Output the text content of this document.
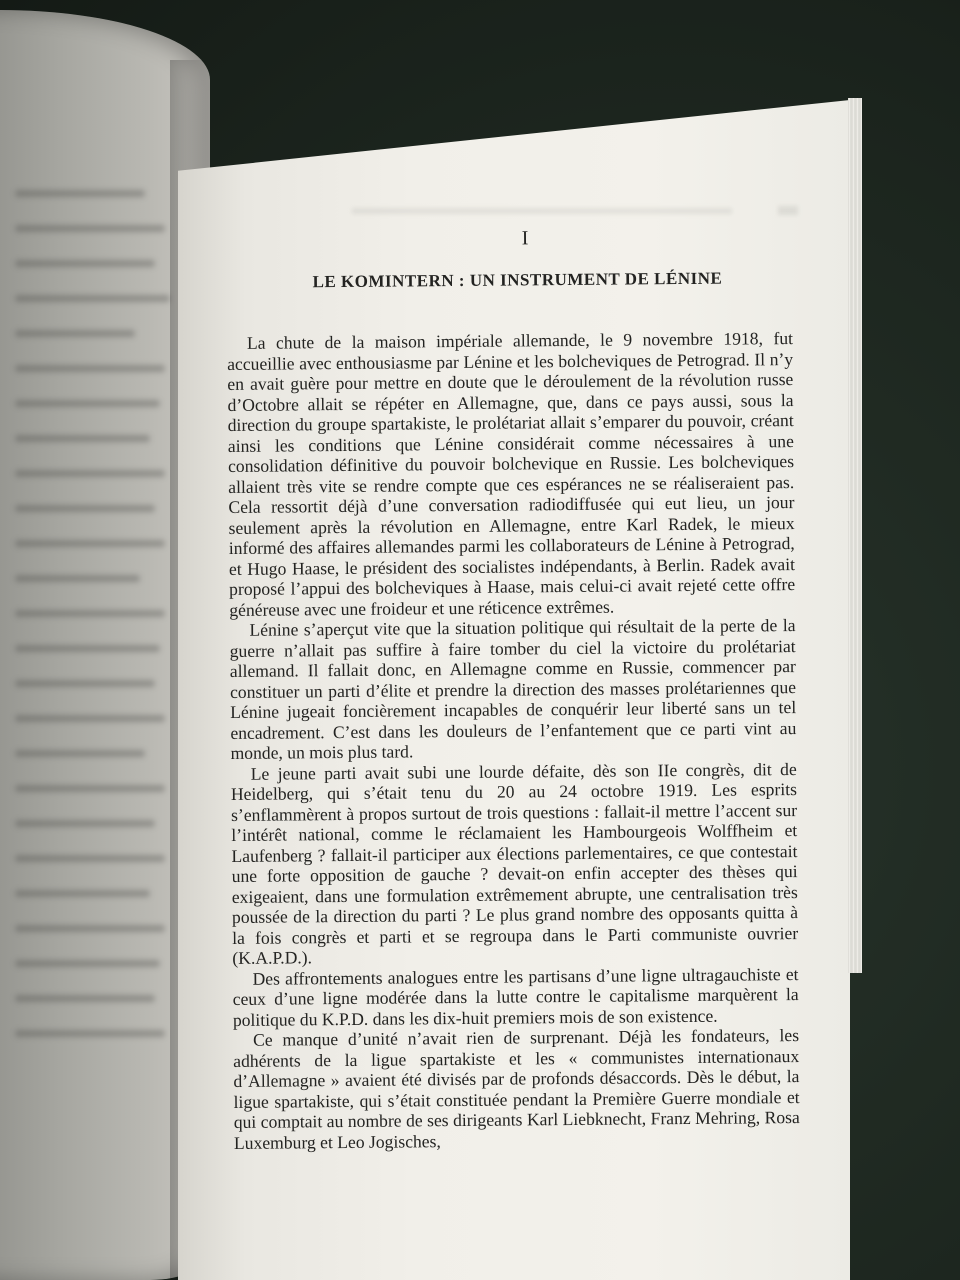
I
LE KOMINTERN : UN INSTRUMENT DE LÉNINE

La chute de la maison impériale allemande, le 9 novembre 1918, fut accueillie avec enthousiasme par Lénine et les bolcheviques de Petrograd. Il n’y en avait guère pour mettre en doute que le déroulement de la révolution russe d’Octobre allait se répéter en Allemagne, que, dans ce pays aussi, sous la direction du groupe spartakiste, le prolétariat allait s’emparer du pouvoir, créant ainsi les conditions que Lénine considérait comme nécessaires à une consolidation définitive du pouvoir bolchevique en Russie. Les bolcheviques allaient très vite se rendre compte que ces espérances ne se réaliseraient pas. Cela ressortit déjà d’une conversation radiodiffusée qui eut lieu, un jour seulement après la révolution en Allemagne, entre Karl Radek, le mieux informé des affaires allemandes parmi les collaborateurs de Lénine à Petrograd, et Hugo Haase, le président des socialistes indépendants, à Berlin. Radek avait proposé l’appui des bolcheviques à Haase, mais celui-ci avait rejeté cette offre généreuse avec une froideur et une réticence extrêmes.

Lénine s’aperçut vite que la situation politique qui résultait de la perte de la guerre n’allait pas suffire à faire tomber du ciel la victoire du prolétariat allemand. Il fallait donc, en Allemagne comme en Russie, commencer par constituer un parti d’élite et prendre la direction des masses prolétariennes que Lénine jugeait foncièrement incapables de conquérir leur liberté sans un tel encadrement. C’est dans les douleurs de l’enfantement que ce parti vint au monde, un mois plus tard.

Le jeune parti avait subi une lourde défaite, dès son IIe congrès, dit de Heidelberg, qui s’était tenu du 20 au 24 octobre 1919. Les esprits s’enflammèrent à propos surtout de trois questions : fallait-il mettre l’accent sur l’intérêt national, comme le réclamaient les Hambourgeois Wolffheim et Laufenberg ? fallait-il participer aux élections parlementaires, ce que contestait une forte opposition de gauche ? devait-on enfin accepter des thèses qui exigeaient, dans une formulation extrêmement abrupte, une centralisation très poussée de la direction du parti ? Le plus grand nombre des opposants quitta à la fois congrès et parti et se regroupa dans le Parti communiste ouvrier (K.A.P.D.).

Des affrontements analogues entre les partisans d’une ligne ultragauchiste et ceux d’une ligne modérée dans la lutte contre le capitalisme marquèrent la politique du K.P.D. dans les dix-huit premiers mois de son existence.

Ce manque d’unité n’avait rien de surprenant. Déjà les fondateurs, les adhérents de la ligue spartakiste et les « communistes internationaux d’Allemagne » avaient été divisés par de profonds désaccords. Dès le début, la ligue spartakiste, qui s’était constituée pendant la Première Guerre mondiale et qui comptait au nombre de ses dirigeants Karl Liebknecht, Franz Mehring, Rosa Luxemburg et Leo Jogisches,
